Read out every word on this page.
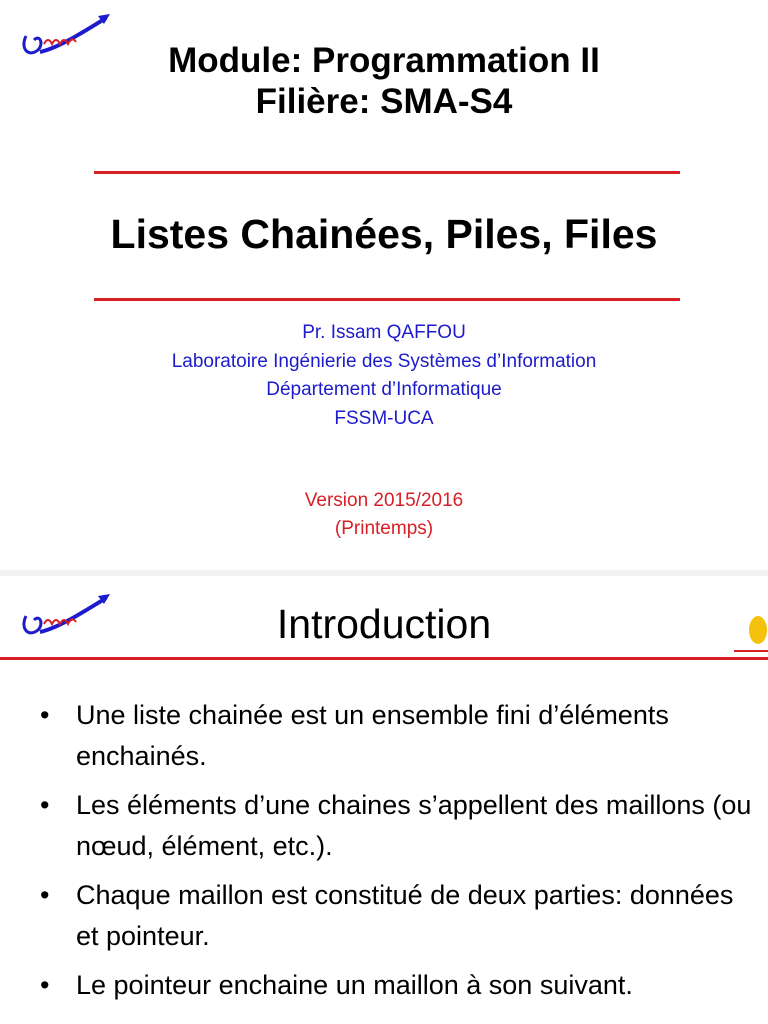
Module: Programmation II
Filière: SMA-S4
Listes Chainées, Piles, Files
Pr. Issam QAFFOU
Laboratoire Ingénierie des Systèmes d’Information
Département d’Informatique
FSSM-UCA
Version 2015/2016
(Printemps)
Introduction
• Une liste chainée est un ensemble fini d’éléments enchainés.
• Les éléments d’une chaines s’appellent des maillons (ou nœud, élément, etc.).
• Chaque maillon est constitué de deux parties: données et pointeur.
• Le pointeur enchaine un maillon à son suivant.
